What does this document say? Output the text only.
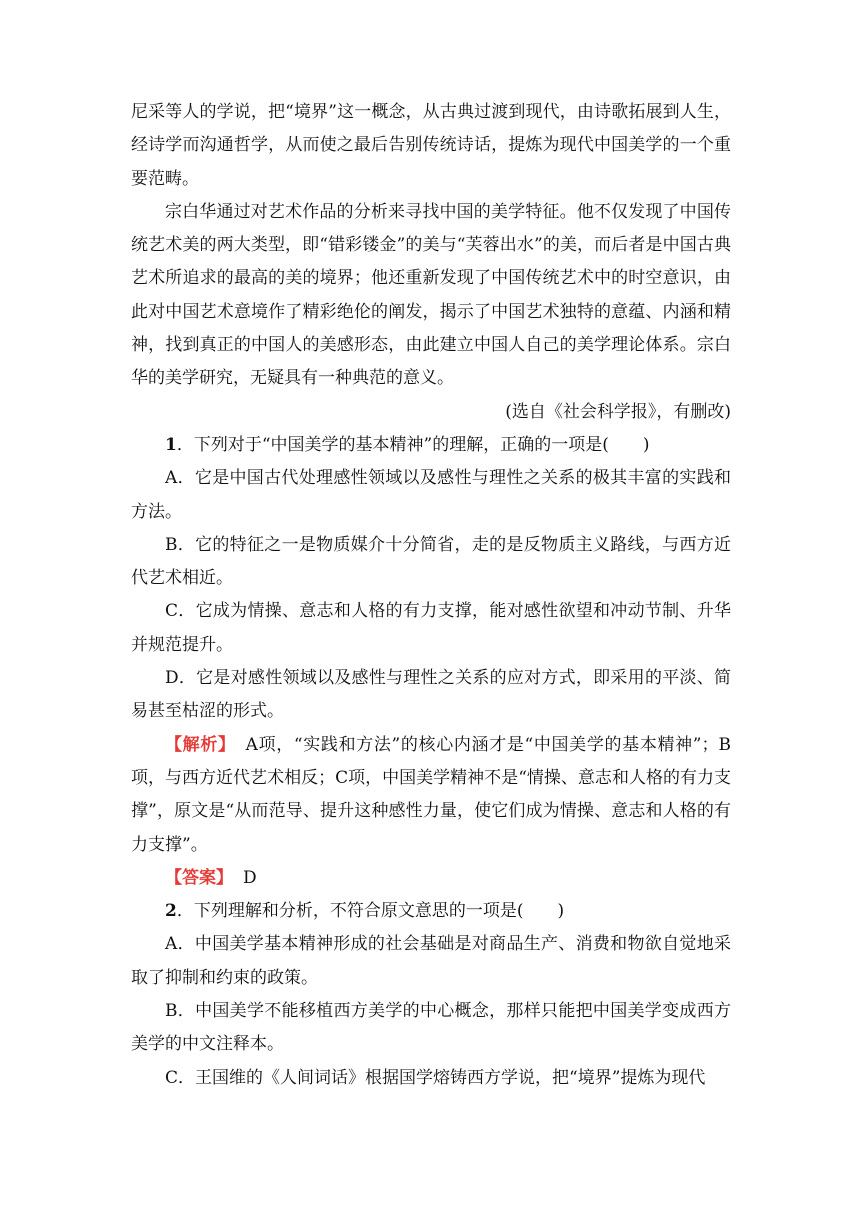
尼采等人的学说，把“境界”这一概念，从古典过渡到现代，由诗歌拓展到人生，经诗学而沟通哲学，从而使之最后告别传统诗话，提炼为现代中国美学的一个重要范畴。

宗白华通过对艺术作品的分析来寻找中国的美学特征。他不仅发现了中国传统艺术美的两大类型，即“错彩镂金”的美与“芙蓉出水”的美，而后者是中国古典艺术所追求的最高的美的境界；他还重新发现了中国传统艺术中的时空意识，由此对中国艺术意境作了精彩绝伦的阐发，揭示了中国艺术独特的意蕴、内涵和精神，找到真正的中国人的美感形态，由此建立中国人自己的美学理论体系。宗白华的美学研究，无疑具有一种典范的意义。

(选自《社会科学报》，有删改)

1．下列对于“中国美学的基本精神”的理解，正确的一项是(　　)

A．它是中国古代处理感性领域以及感性与理性之关系的极其丰富的实践和方法。

B．它的特征之一是物质媒介十分简省，走的是反物质主义路线，与西方近代艺术相近。

C．它成为情操、意志和人格的有力支撑，能对感性欲望和冲动节制、升华并规范提升。

D．它是对感性领域以及感性与理性之关系的应对方式，即采用的平淡、简易甚至枯涩的形式。

【解析】 A项，“实践和方法”的核心内涵才是“中国美学的基本精神”；B项，与西方近代艺术相反；C项，中国美学精神不是“情操、意志和人格的有力支撑”，原文是“从而范导、提升这种感性力量，使它们成为情操、意志和人格的有力支撑”。

【答案】 D

2．下列理解和分析，不符合原文意思的一项是(　　)

A．中国美学基本精神形成的社会基础是对商品生产、消费和物欲自觉地采取了抑制和约束的政策。

B．中国美学不能移植西方美学的中心概念，那样只能把中国美学变成西方美学的中文注释本。

C．王国维的《人间词话》根据国学熔铸西方学说，把“境界”提炼为现代
